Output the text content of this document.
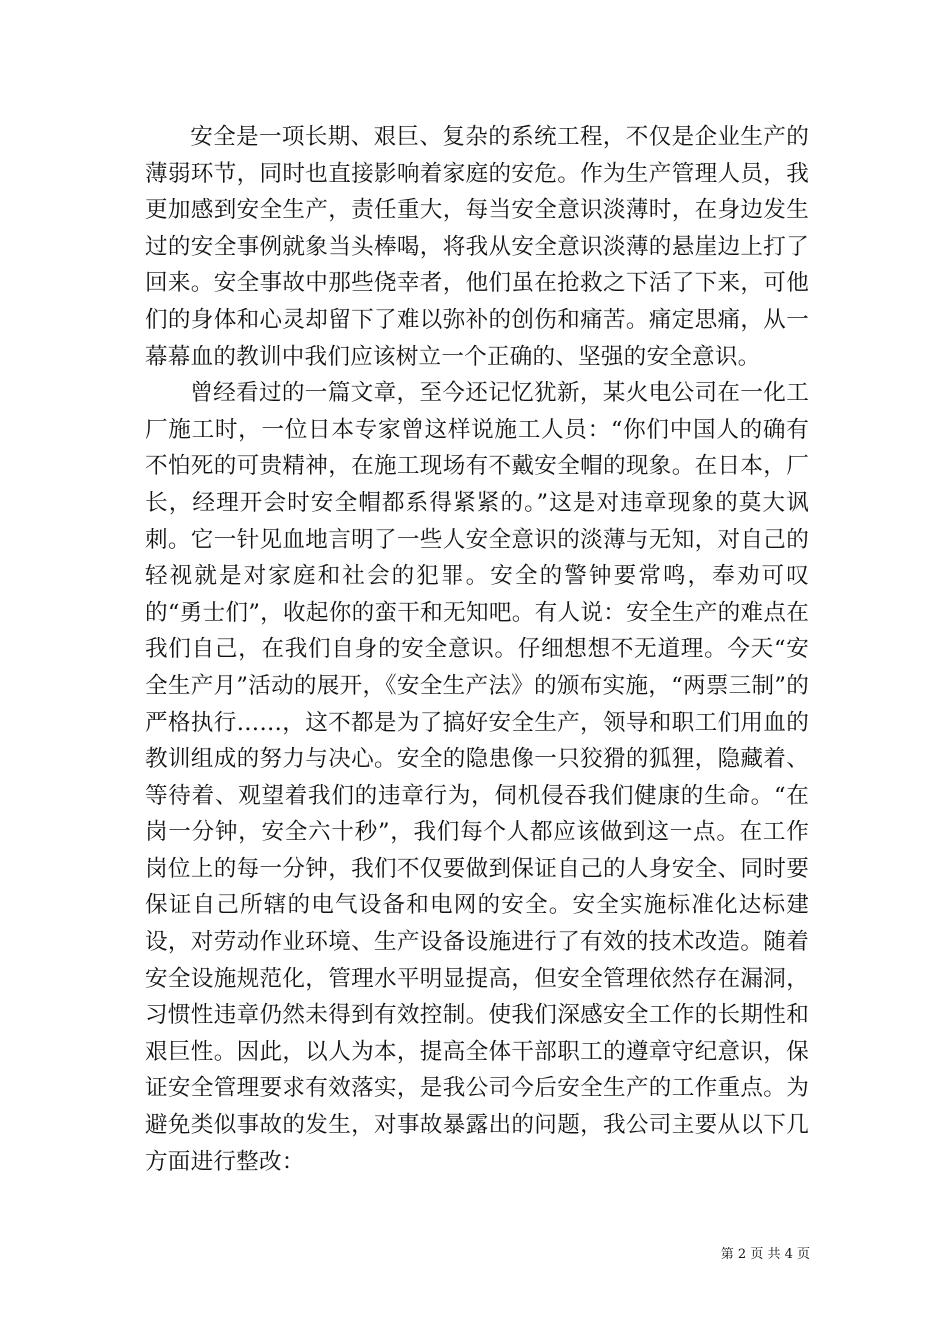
安全是一项长期、艰巨、复杂的系统工程，不仅是企业生产的薄弱环节，同时也直接影响着家庭的安危。作为生产管理人员，我更加感到安全生产，责任重大，每当安全意识淡薄时，在身边发生过的安全事例就象当头棒喝，将我从安全意识淡薄的悬崖边上打了回来。安全事故中那些侥幸者，他们虽在抢救之下活了下来，可他们的身体和心灵却留下了难以弥补的创伤和痛苦。痛定思痛，从一幕幕血的教训中我们应该树立一个正确的、坚强的安全意识。

曾经看过的一篇文章，至今还记忆犹新，某火电公司在一化工厂施工时，一位日本专家曾这样说施工人员：“你们中国人的确有不怕死的可贵精神，在施工现场有不戴安全帽的现象。在日本，厂长，经理开会时安全帽都系得紧紧的。”这是对违章现象的莫大讽刺。它一针见血地言明了一些人安全意识的淡薄与无知，对自己的轻视就是对家庭和社会的犯罪。安全的警钟要常鸣，奉劝可叹的“勇士们”，收起你的蛮干和无知吧。有人说：安全生产的难点在我们自己，在我们自身的安全意识。仔细想想不无道理。今天“安全生产月”活动的展开，《安全生产法》的颁布实施，“两票三制”的严格执行……，这不都是为了搞好安全生产，领导和职工们用血的教训组成的努力与决心。安全的隐患像一只狡猾的狐狸，隐藏着、等待着、观望着我们的违章行为，伺机侵吞我们健康的生命。“在岗一分钟，安全六十秒”，我们每个人都应该做到这一点。在工作岗位上的每一分钟，我们不仅要做到保证自己的人身安全、同时要保证自己所辖的电气设备和电网的安全。安全实施标准化达标建设，对劳动作业环境、生产设备设施进行了有效的技术改造。随着安全设施规范化，管理水平明显提高，但安全管理依然存在漏洞，习惯性违章仍然未得到有效控制。使我们深感安全工作的长期性和艰巨性。因此，以人为本，提高全体干部职工的遵章守纪意识，保证安全管理要求有效落实，是我公司今后安全生产的工作重点。为避免类似事故的发生，对事故暴露出的问题，我公司主要从以下几方面进行整改：

第 2 页 共 4 页
